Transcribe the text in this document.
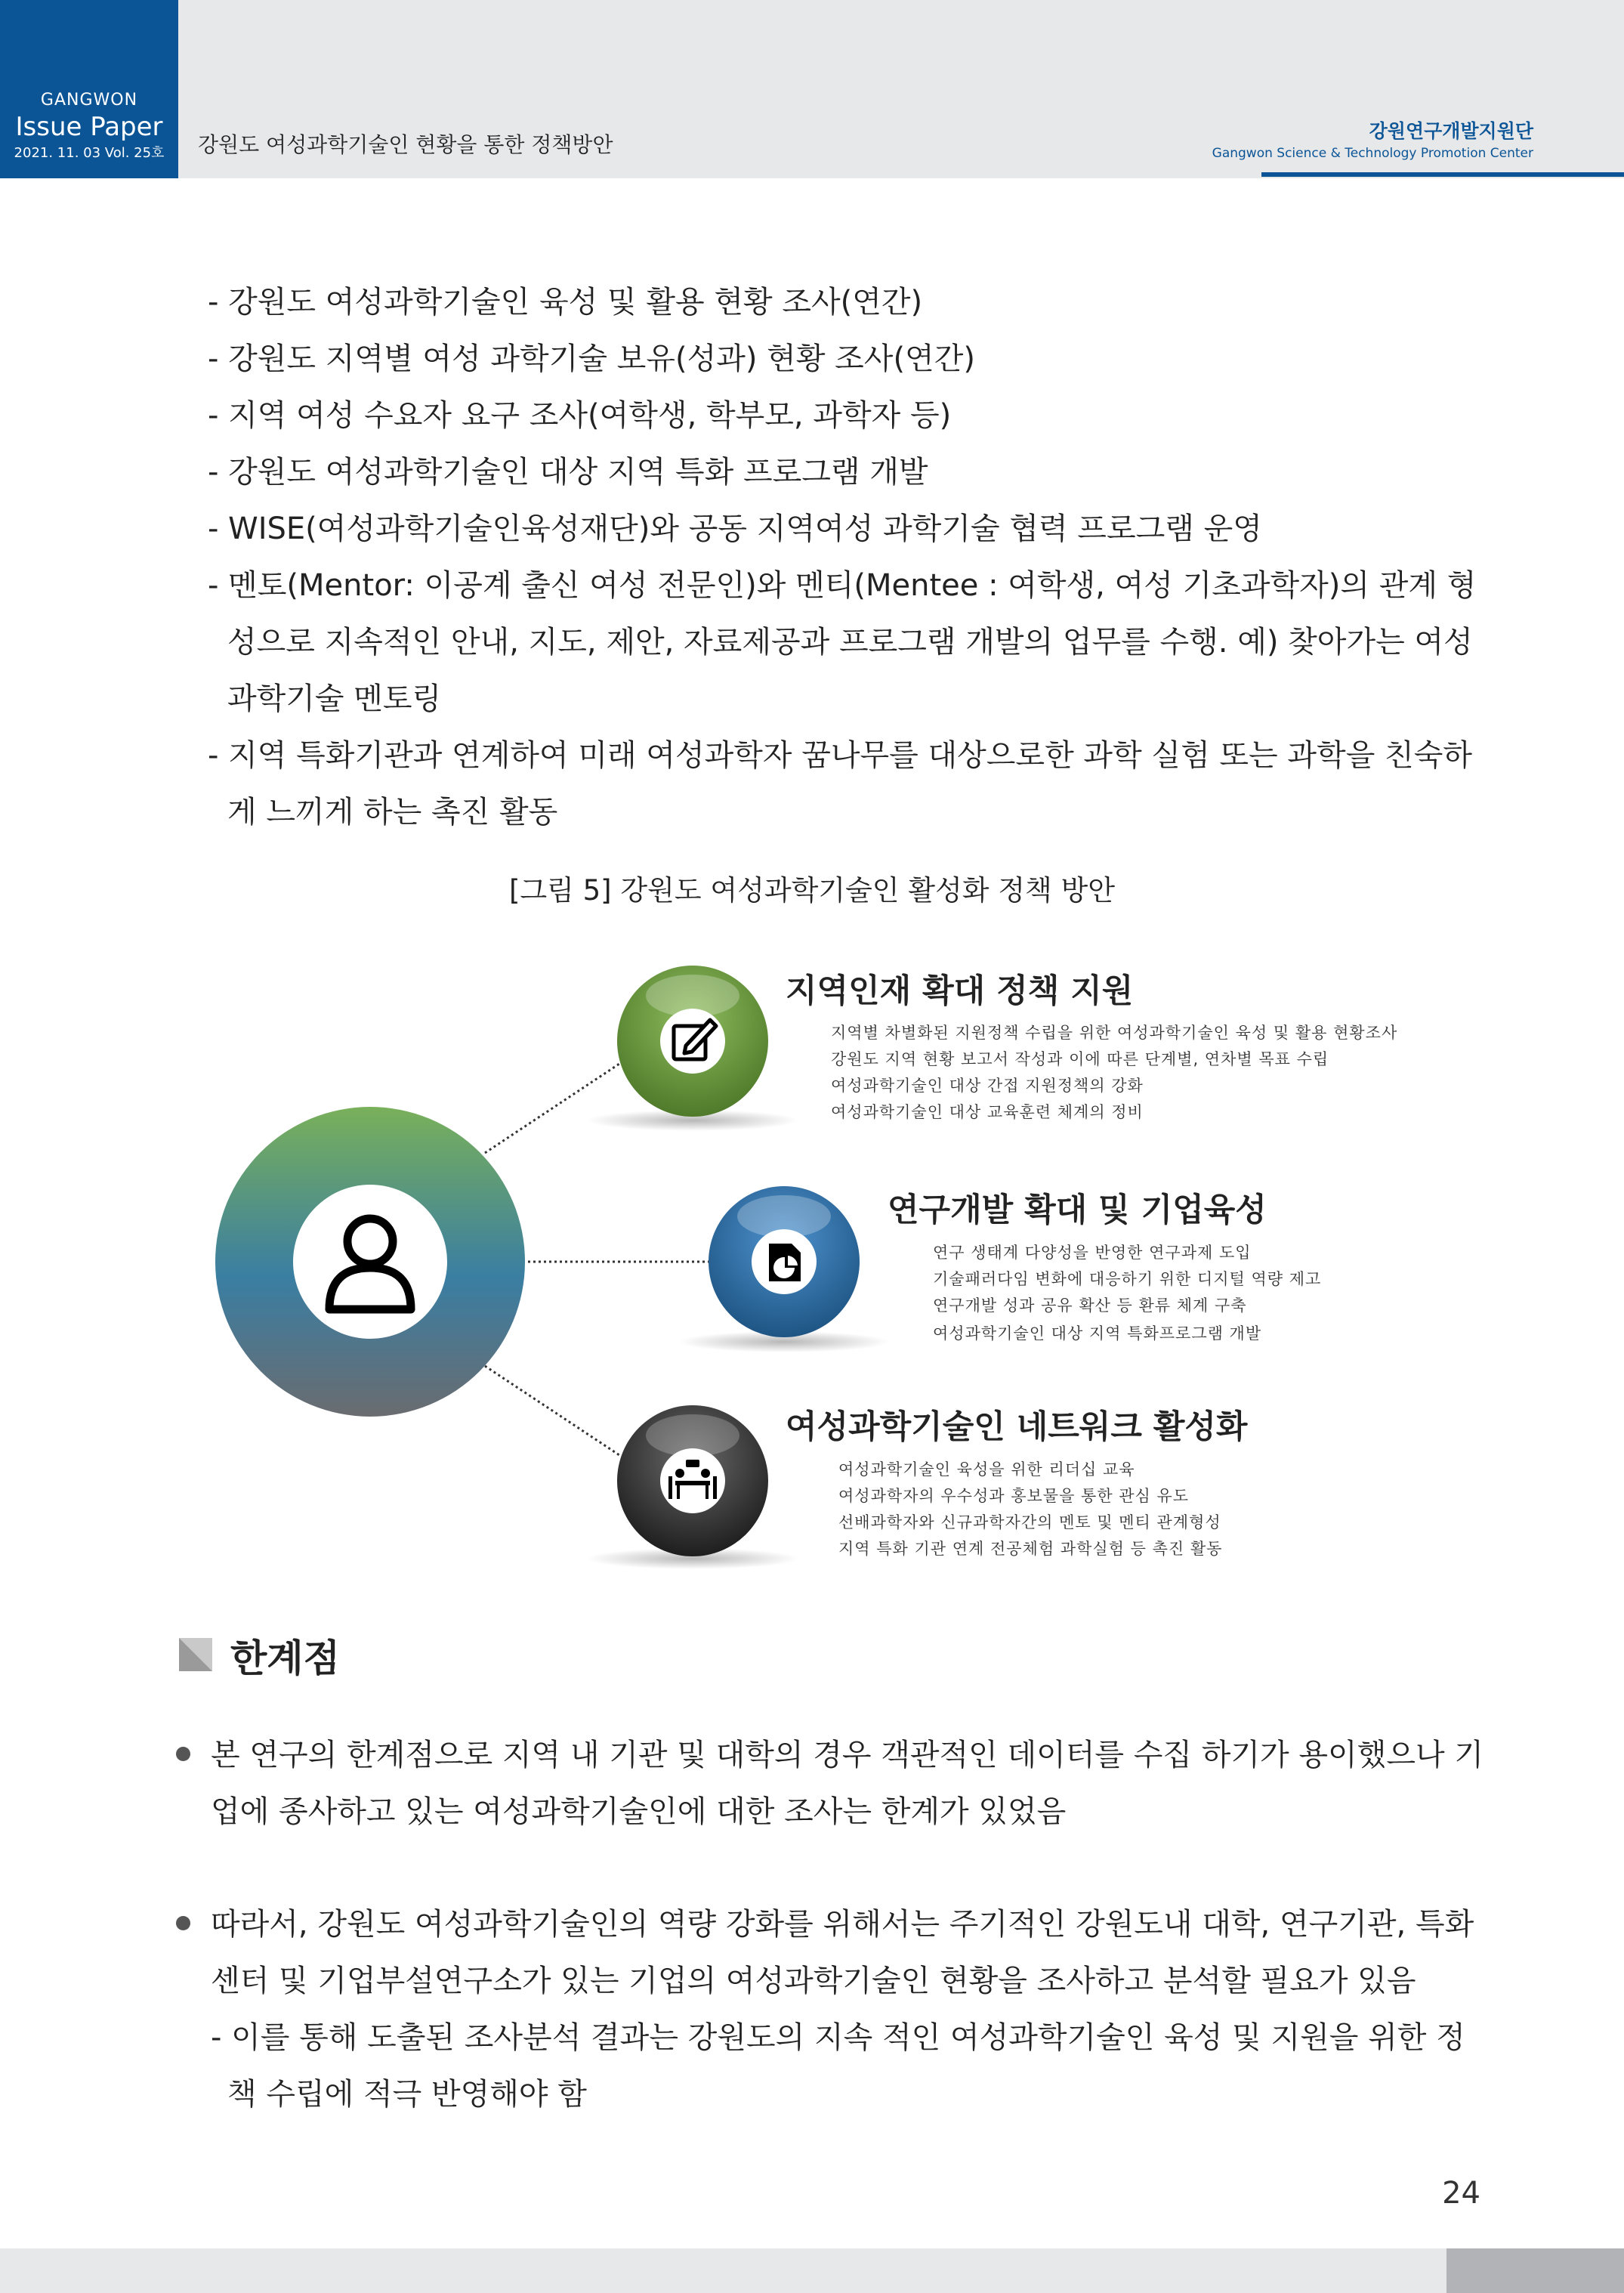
GANGWON
Issue Paper
2021. 11. 03 Vol. 25호	강원도 여성과학기술인 현황을 통한 정책방안
강원연구개발지원단
Gangwon Science & Technology Promotion Center
- 강원도 여성과학기술인 육성 및 활용 현황 조사(연간)
- 강원도 지역별 여성 과학기술 보유(성과) 현황 조사(연간)
- 지역 여성 수요자 요구 조사(여학생, 학부모, 과학자 등)
- 강원도 여성과학기술인 대상 지역 특화 프로그램 개발
- WISE(여성과학기술인육성재단)와 공동 지역여성 과학기술 협력 프로그램 운영
- 멘토(Mentor: 이공계 출신 여성 전문인)와 멘티(Mentee : 여학생, 여성 기초과학자)의 관계 형
성으로 지속적인 안내, 지도, 제안, 자료제공과 프로그램 개발의 업무를 수행. 예) 찾아가는 여성
과학기술 멘토링
- 지역 특화기관과 연계하여 미래 여성과학자 꿈나무를 대상으로한 과학 실험 또는 과학을 친숙하
게 느끼게 하는 촉진 활동
[그림 5] 강원도 여성과학기술인 활성화 정책 방안
지역인재 확대 정책 지원
지역별 차별화된 지원정책 수립을 위한 여성과학기술인 육성 및 활용 현황조사
강원도 지역 현황 보고서 작성과 이에 따른 단계별, 연차별 목표 수립
여성과학기술인 대상 간접 지원정책의 강화
여성과학기술인 대상 교육훈련 체계의 정비
연구개발 확대 및 기업육성
연구 생태계 다양성을 반영한 연구과제 도입
기술패러다임 변화에 대응하기 위한 디지털 역량 제고
연구개발 성과 공유 확산 등 환류 체계 구축
여성과학기술인 대상 지역 특화프로그램 개발
여성과학기술인 네트워크 활성화
여성과학기술인 육성을 위한 리더십 교육
여성과학자의 우수성과 홍보물을 통한 관심 유도
선배과학자와 신규과학자간의 멘토 및 멘티 관계형성
지역 특화 기관 연계 전공체험 과학실험 등 촉진 활동
한계점
본 연구의 한계점으로 지역 내 기관 및 대학의 경우 객관적인 데이터를 수집 하기가 용이했으나 기
업에 종사하고 있는 여성과학기술인에 대한 조사는 한계가 있었음
따라서, 강원도 여성과학기술인의 역량 강화를 위해서는 주기적인 강원도내 대학, 연구기관, 특화
센터 및 기업부설연구소가 있는 기업의 여성과학기술인 현황을 조사하고 분석할 필요가 있음
- 이를 통해 도출된 조사분석 결과는 강원도의 지속 적인 여성과학기술인 육성 및 지원을 위한 정
책 수립에 적극 반영해야 함
24
